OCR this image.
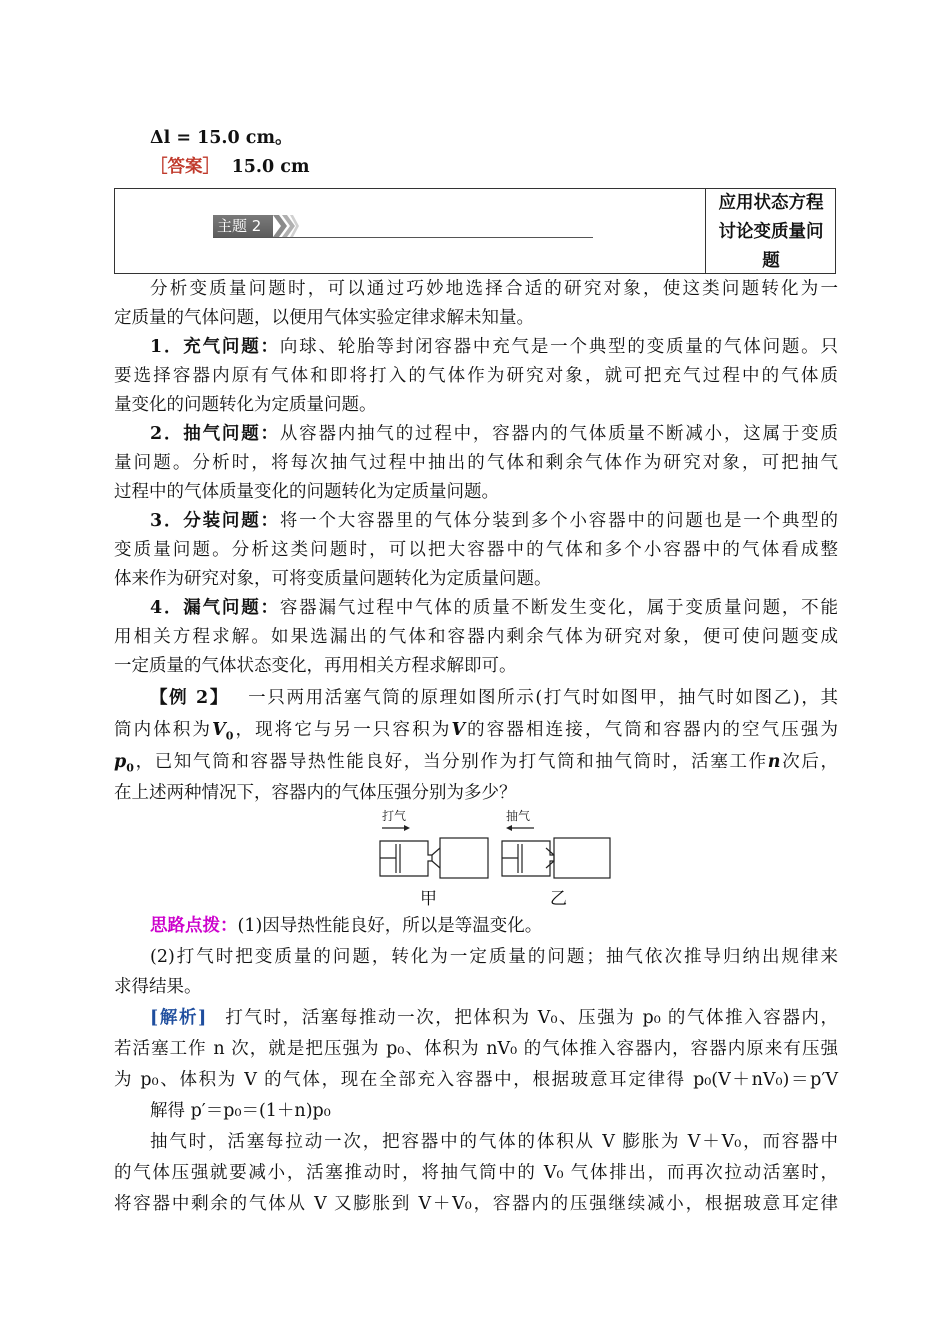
Δl = 15.0 cm。
［答案］ 15.0 cm
主题 2
应用状态方程
讨论变质量问
题
分析变质量问题时，可以通过巧妙地选择合适的研究对象，使这类问题转化为一
定质量的气体问题，以便用气体实验定律求解未知量。
1．充气问题：向球、轮胎等封闭容器中充气是一个典型的变质量的气体问题。只
要选择容器内原有气体和即将打入的气体作为研究对象，就可把充气过程中的气体质
量变化的问题转化为定质量问题。
2．抽气问题：从容器内抽气的过程中，容器内的气体质量不断减小，这属于变质
量问题。分析时，将每次抽气过程中抽出的气体和剩余气体作为研究对象，可把抽气
过程中的气体质量变化的问题转化为定质量问题。
3．分装问题：将一个大容器里的气体分装到多个小容器中的问题也是一个典型的
变质量问题。分析这类问题时，可以把大容器中的气体和多个小容器中的气体看成整
体来作为研究对象，可将变质量问题转化为定质量问题。
4．漏气问题：容器漏气过程中气体的质量不断发生变化，属于变质量问题，不能
用相关方程求解。如果选漏出的气体和容器内剩余气体为研究对象，便可使问题变成
一定质量的气体状态变化，再用相关方程求解即可。
【例 2】  一只两用活塞气筒的原理如图所示(打气时如图甲，抽气时如图乙)，其
筒内体积为$V_0$，现将它与另一只容积为V的容器相连接，气筒和容器内的空气压强为
$p_0$，已知气筒和容器导热性能良好，当分别作为打气筒和抽气筒时，活塞工作n次后，
在上述两种情况下，容器内的气体压强分别为多少？
打气	抽气
甲	乙
思路点拨：(1)因导热性能良好，所以是等温变化。
(2)打气时把变质量的问题，转化为一定质量的问题；抽气依次推导归纳出规律来
求得结果。
[解析]  打气时，活塞每推动一次，把体积为 V₀、压强为 p₀ 的气体推入容器内，
若活塞工作 n 次，就是把压强为 p₀、体积为 nV₀ 的气体推入容器内，容器内原来有压强
为 p₀、体积为 V 的气体，现在全部充入容器中，根据玻意耳定律得 p₀(V＋nV₀)＝p′V
解得 p′＝p₀＝(1＋n)p₀
抽气时，活塞每拉动一次，把容器中的气体的体积从 V 膨胀为 V＋V₀，而容器中
的气体压强就要减小，活塞推动时，将抽气筒中的 V₀ 气体排出，而再次拉动活塞时，
将容器中剩余的气体从 V 又膨胀到 V＋V₀，容器内的压强继续减小，根据玻意耳定律
